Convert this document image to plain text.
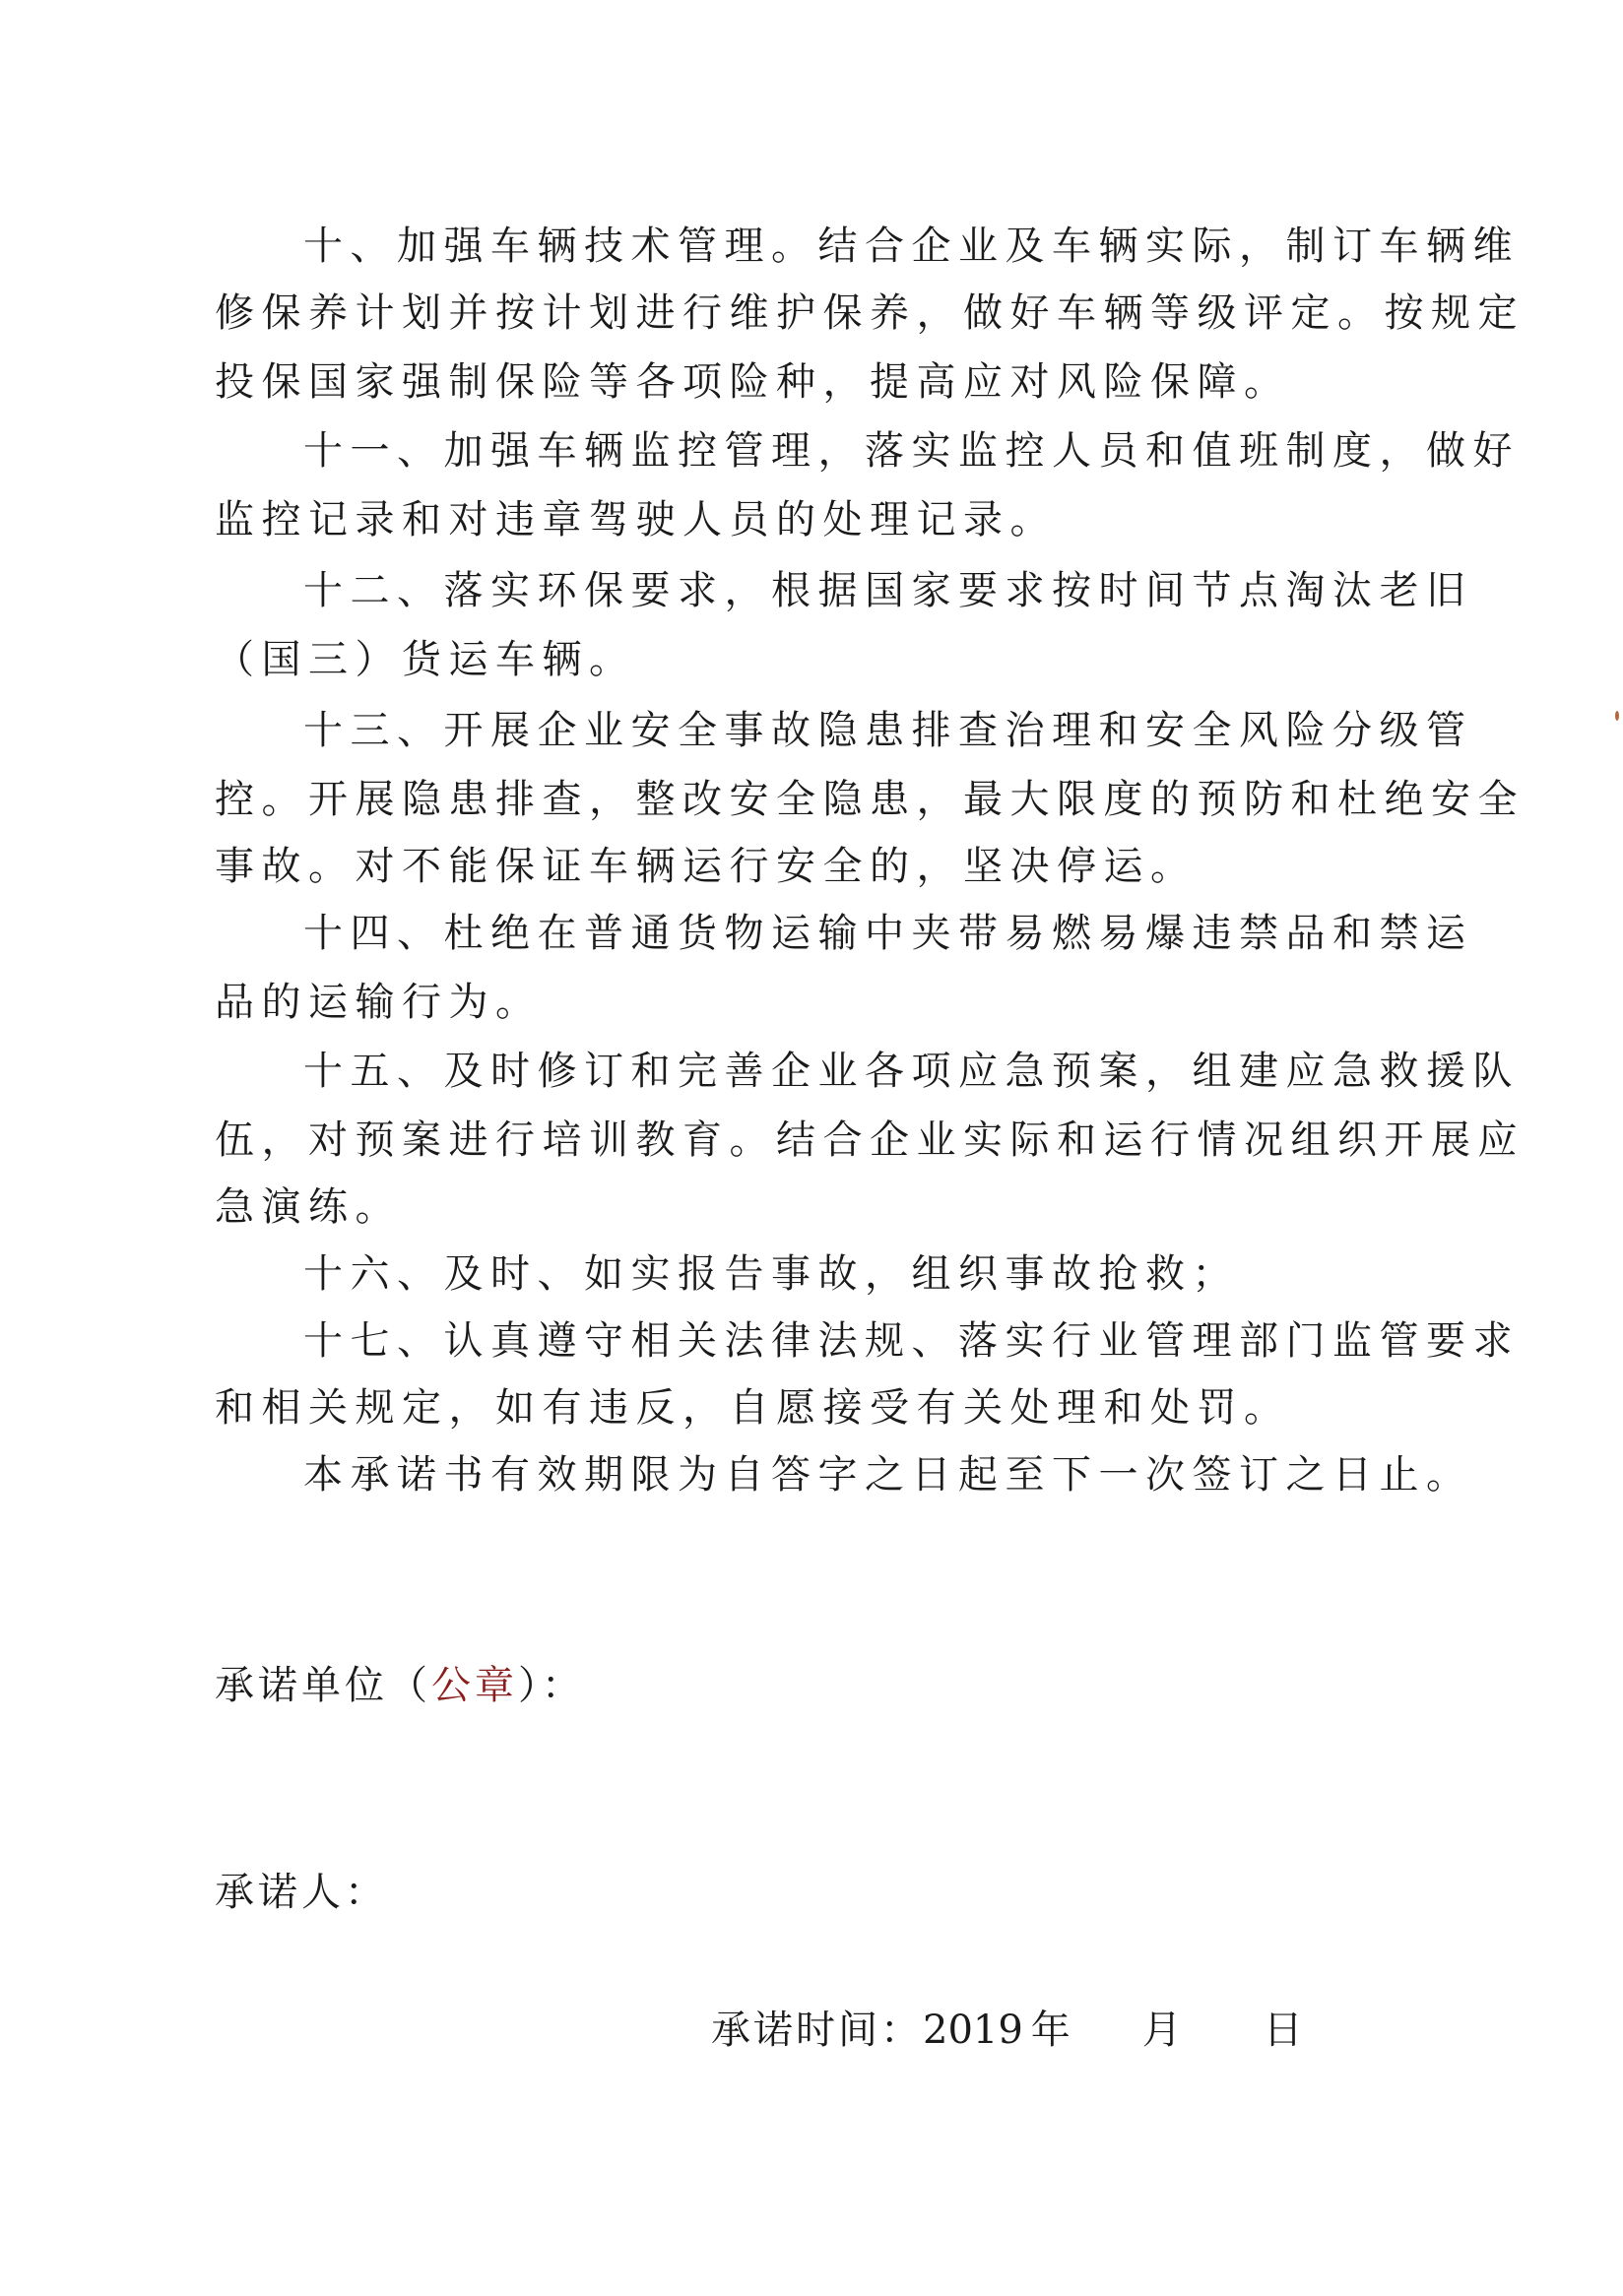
十、加强车辆技术管理。结合企业及车辆实际，制订车辆维
修保养计划并按计划进行维护保养，做好车辆等级评定。按规定
投保国家强制保险等各项险种，提高应对风险保障。
十一、加强车辆监控管理，落实监控人员和值班制度，做好
监控记录和对违章驾驶人员的处理记录。
十二、落实环保要求，根据国家要求按时间节点淘汰老旧
（国三）货运车辆。
十三、开展企业安全事故隐患排查治理和安全风险分级管
控。开展隐患排查，整改安全隐患，最大限度的预防和杜绝安全
事故。对不能保证车辆运行安全的，坚决停运。
十四、杜绝在普通货物运输中夹带易燃易爆违禁品和禁运
品的运输行为。
十五、及时修订和完善企业各项应急预案，组建应急救援队
伍，对预案进行培训教育。结合企业实际和运行情况组织开展应
急演练。
十六、及时、如实报告事故，组织事故抢救；
十七、认真遵守相关法律法规、落实行业管理部门监管要求
和相关规定，如有违反，自愿接受有关处理和处罚。
本承诺书有效期限为自答字之日起至下一次签订之日止。
承诺单位（公章）：
承诺人：
承诺时间：2019 年 月 日
